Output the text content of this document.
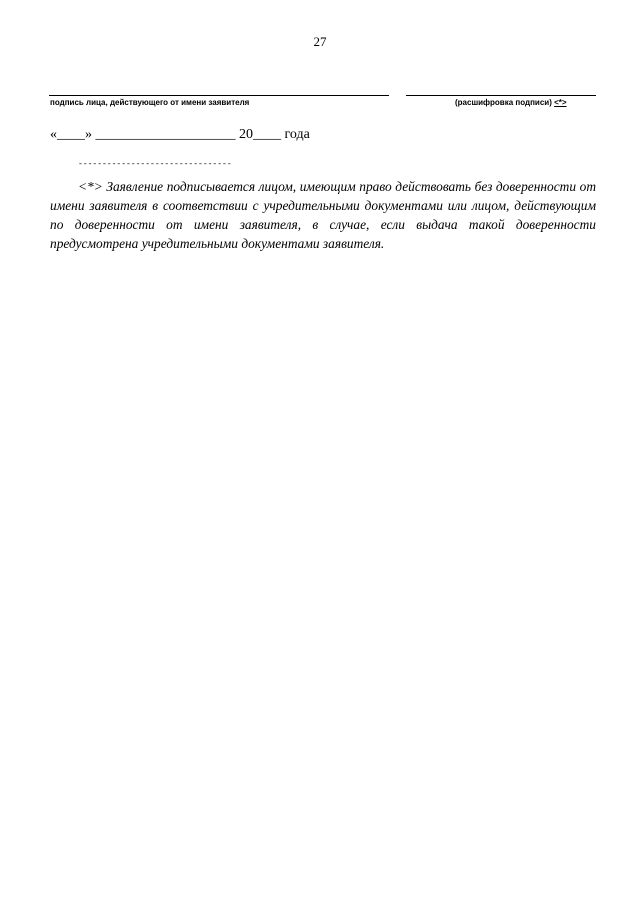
27
подпись лица, действующего от имени заявителя	(расшифровка подписи) <*>
«____» ____________________ 20____ года
--------------------------------
<*> Заявление подписывается лицом, имеющим право действовать без доверенности от имени заявителя в соответствии с учредительными документами или лицом, действующим по доверенности от имени заявителя, в случае, если выдача такой доверенности предусмотрена учредительными документами заявителя.
